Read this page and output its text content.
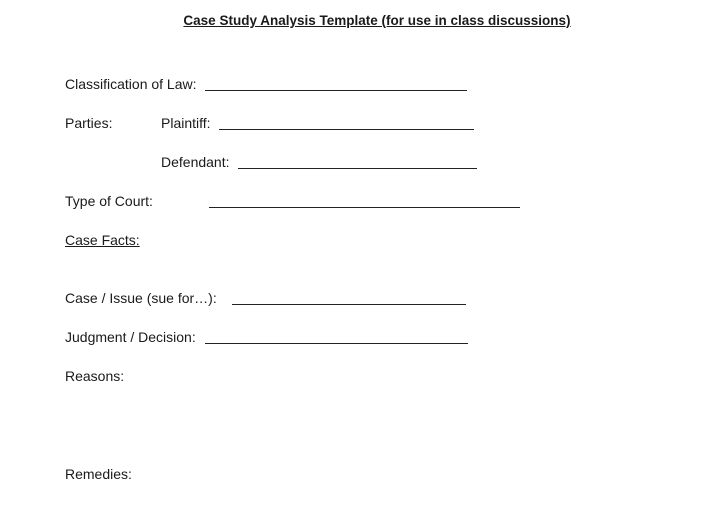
Case Study Analysis Template (for use in class discussions)
Classification of Law:
Parties:	Plaintiff:
Defendant:
Type of Court:
Case Facts:
Case / Issue (sue for…):
Judgment / Decision:
Reasons:
Remedies:
